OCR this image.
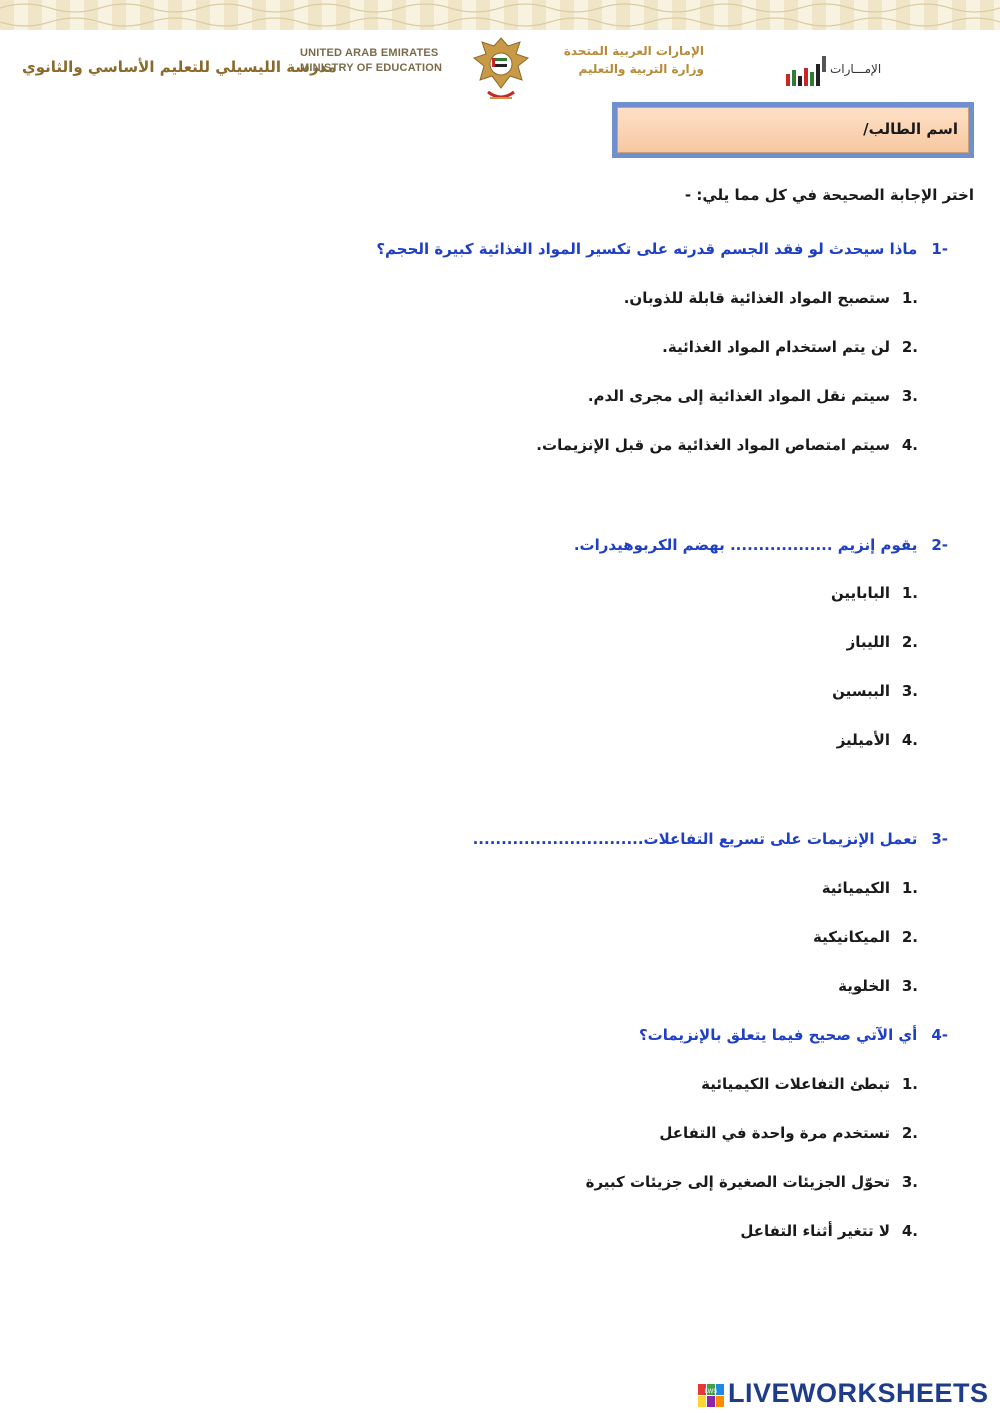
مدرسة الليسيلي للتعليم الأساسي والثانوي
UNITED ARAB EMIRATES
MINISTRY OF EDUCATION
الإمارات العربية المتحدة
وزارة التربية والتعليم	الإمـــارات
اسم الطالب/
اختر الإجابة الصحيحة في كل مما يلي: -
-1ماذا سيحدث لو فقد الجسم قدرته على تكسير المواد الغذائية كبيرة الحجم؟
.1ستصبح المواد الغذائية قابلة للذوبان.
.2لن يتم استخدام المواد الغذائية.
.3سيتم نقل المواد الغذائية إلى مجرى الدم.
.4سيتم امتصاص المواد الغذائية من قبل الإنزيمات.
-2يقوم إنزيم .................. بهضم الكربوهيدرات.
.1البابايين
.2الليباز
.3الببسين
.4الأميليز
-3تعمل الإنزيمات على تسريع التفاعلات..............................
.1الكيميائية
.2الميكانيكية
.3الخلوية
-4أي الآتي صحيح فيما يتعلق بالإنزيمات؟
.1تبطئ التفاعلات الكيميائية
.2تستخدم مرة واحدة في التفاعل
.3تحوّل الجزيئات الصغيرة إلى جزيئات كبيرة
.4لا تتغير أثناء التفاعل
LWS LIVEWORKSHEETS
